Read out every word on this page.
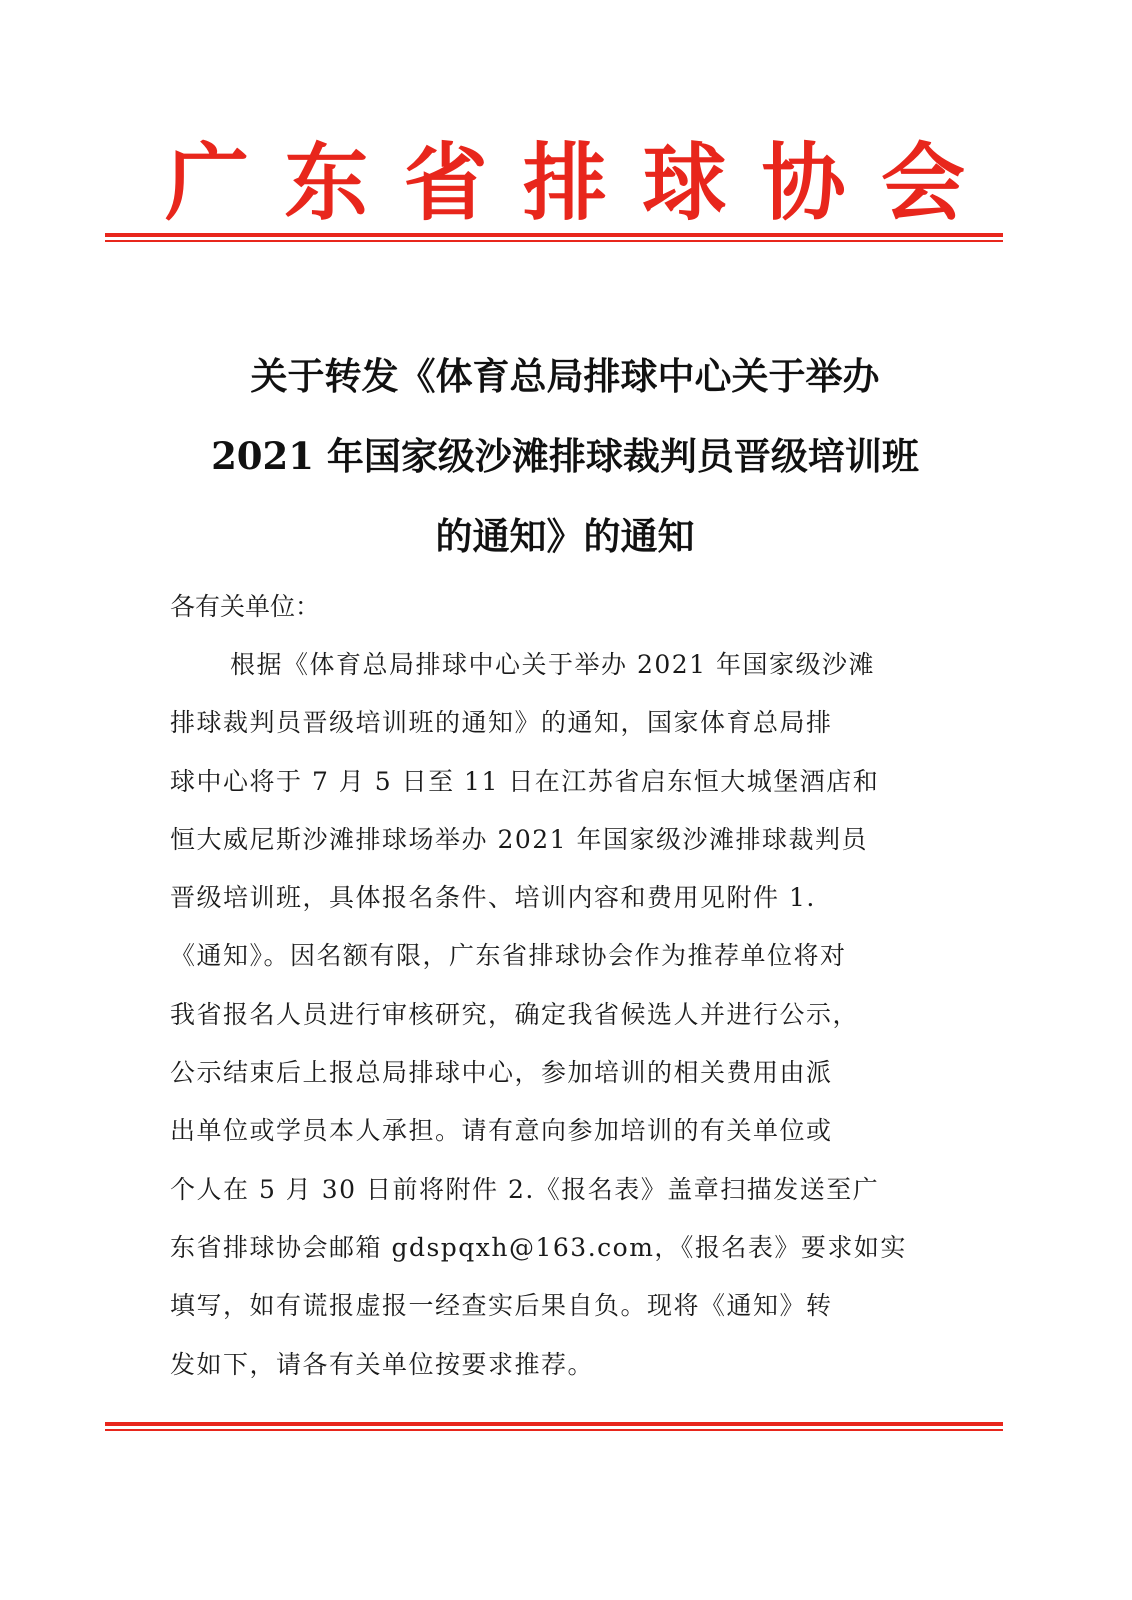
广 东 省 排 球 协 会
关于转发《体育总局排球中心关于举办
2021 年国家级沙滩排球裁判员晋级培训班
的通知》的通知
各有关单位：
根据《体育总局排球中心关于举办 2021 年国家级沙滩
排球裁判员晋级培训班的通知》的通知，国家体育总局排
球中心将于 7 月 5 日至 11 日在江苏省启东恒大城堡酒店和
恒大威尼斯沙滩排球场举办 2021 年国家级沙滩排球裁判员
晋级培训班，具体报名条件、培训内容和费用见附件 1.
《通知》。因名额有限，广东省排球协会作为推荐单位将对
我省报名人员进行审核研究，确定我省候选人并进行公示，
公示结束后上报总局排球中心，参加培训的相关费用由派
出单位或学员本人承担。请有意向参加培训的有关单位或
个人在 5 月 30 日前将附件 2.《报名表》盖章扫描发送至广
东省排球协会邮箱 gdspqxh@163.com，《报名表》要求如实
填写，如有谎报虚报一经查实后果自负。现将《通知》转
发如下，请各有关单位按要求推荐。
